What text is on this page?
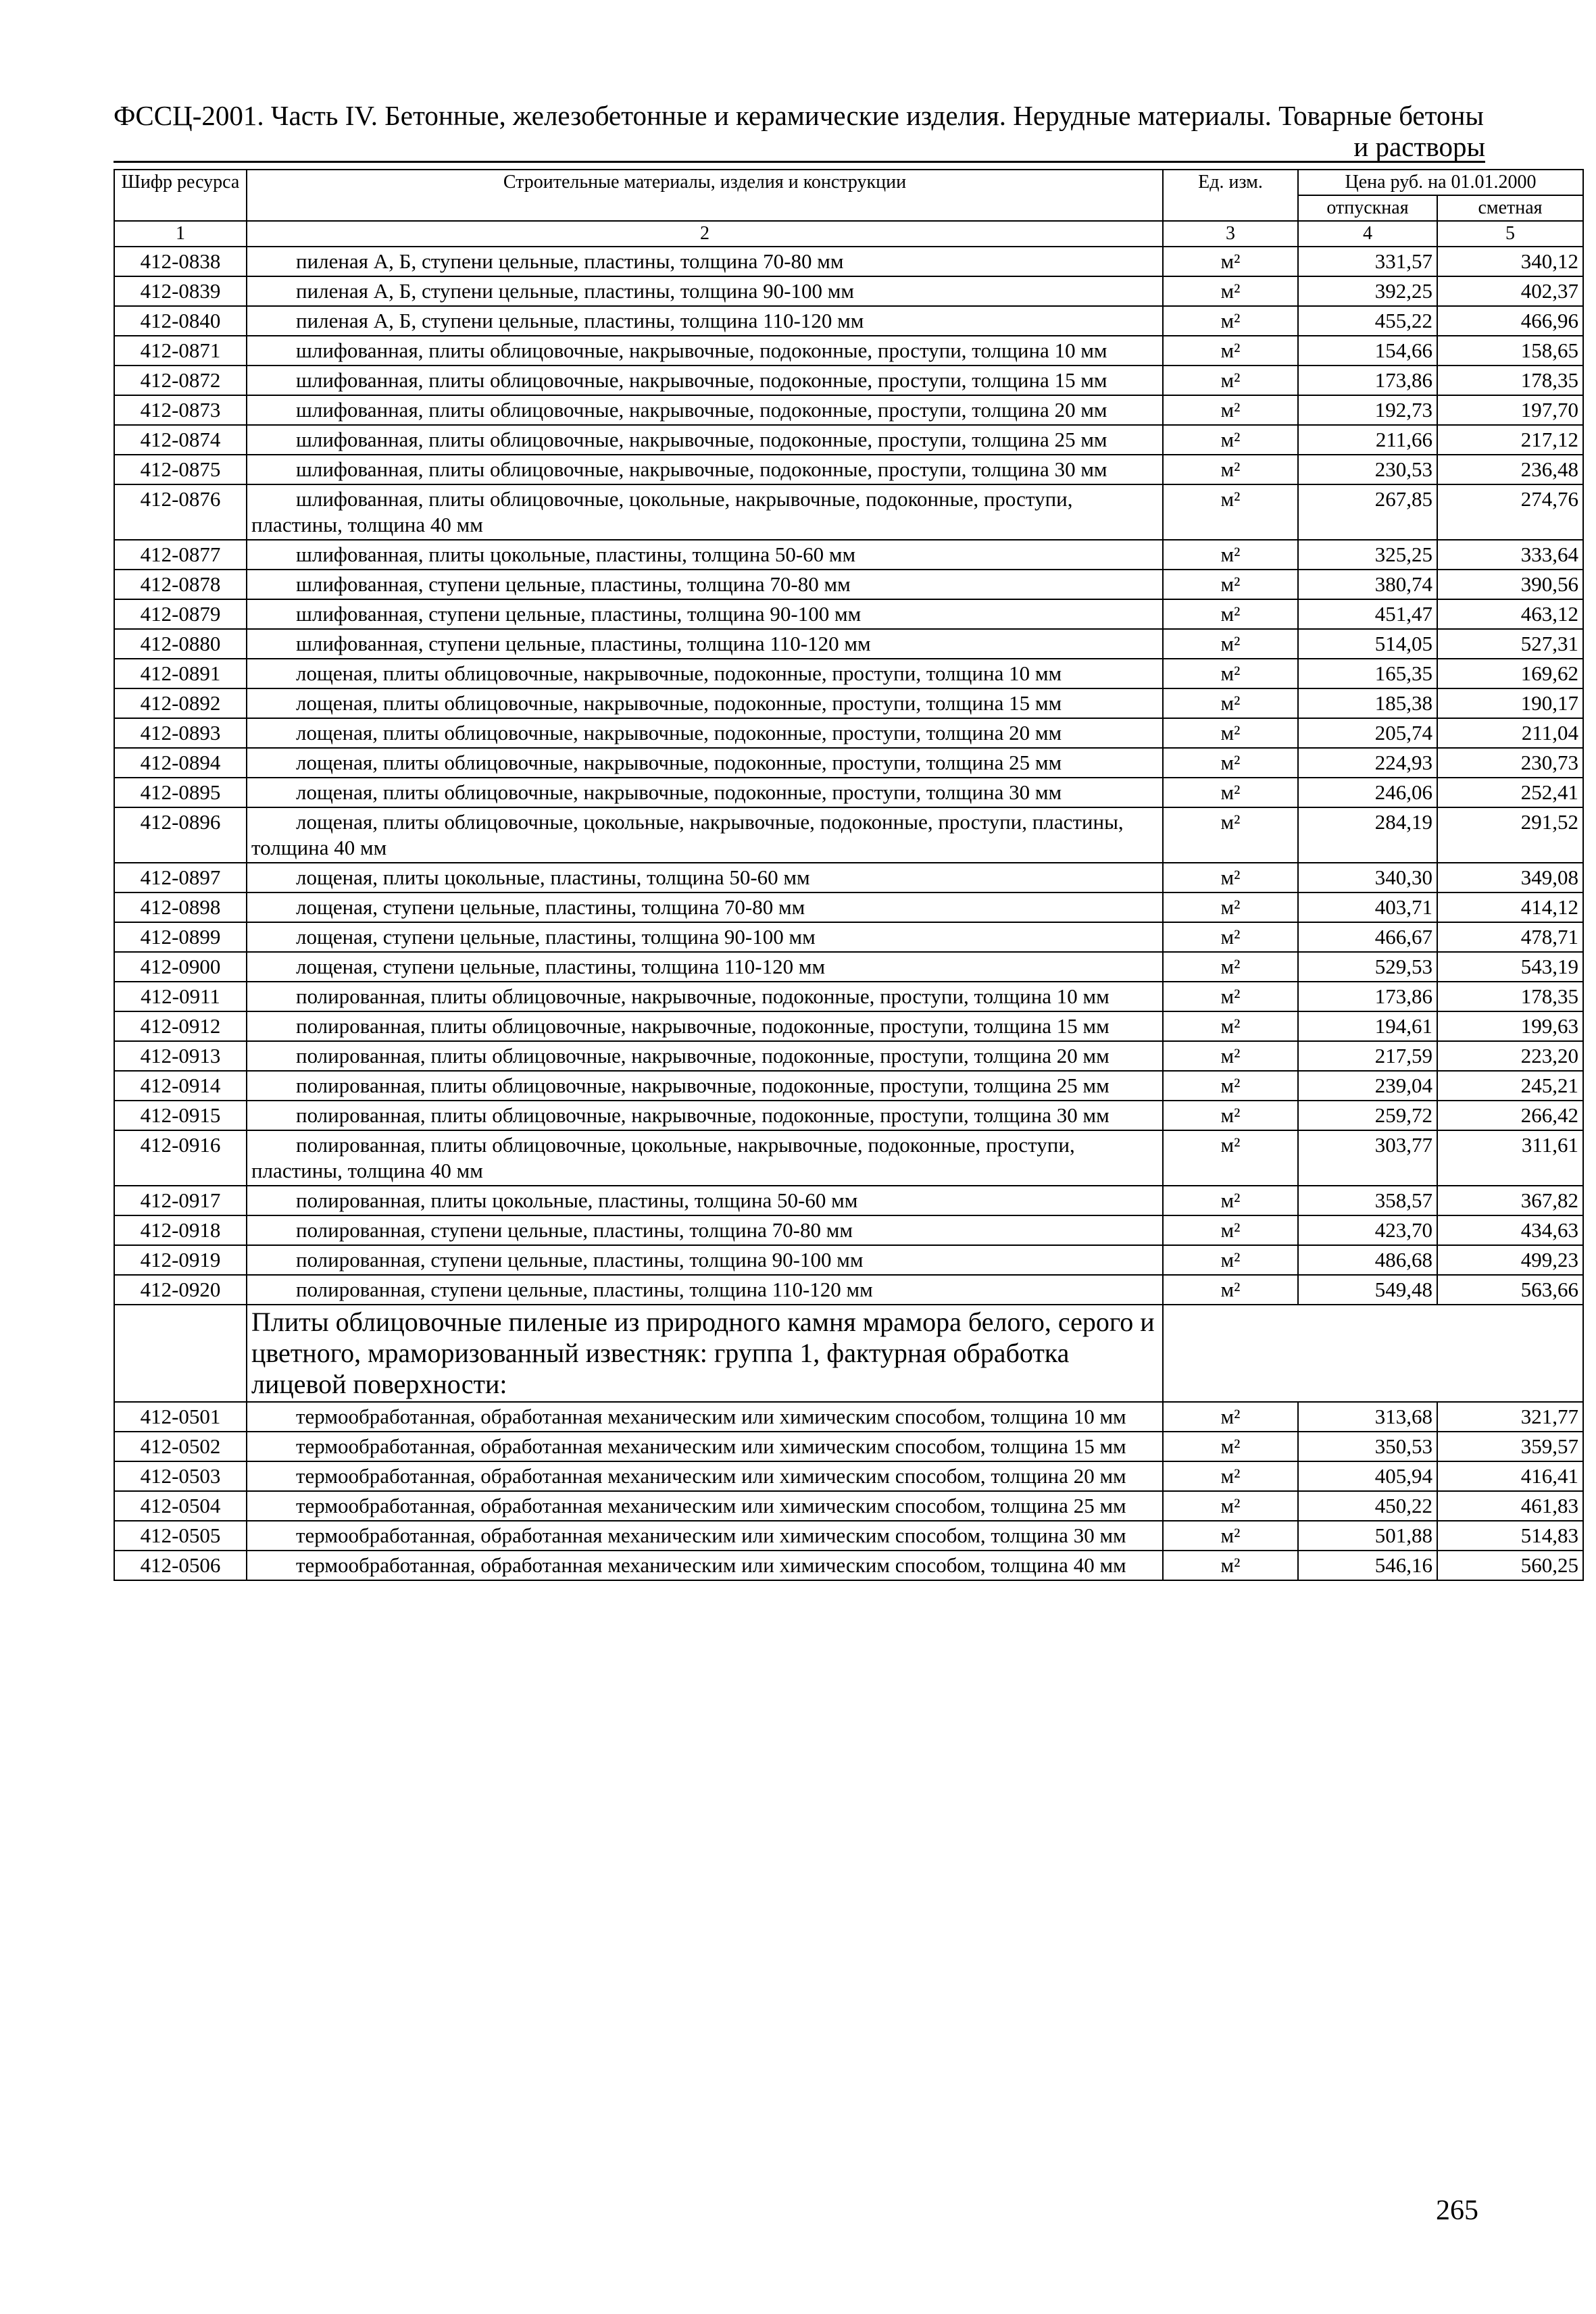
ФССЦ-2001. Часть IV. Бетонные, железобетонные и керамические изделия. Нерудные материалы. Товарные бетоны
и растворы
Шифр ресурса	Строительные материалы, изделия и конструкции	Ед. изм.	Цена руб. на 01.01.2000	
			отпускная	сметная
1	2	3	4	5
412-0838	пиленая А, Б, ступени цельные, пластины, толщина 70-80 мм	м²	331,57	340,12
412-0839	пиленая А, Б, ступени цельные, пластины, толщина 90-100 мм	м²	392,25	402,37
412-0840	пиленая А, Б, ступени цельные, пластины, толщина 110-120 мм	м²	455,22	466,96
412-0871	шлифованная, плиты облицовочные, накрывочные, подоконные, проступи, толщина 10 мм	м²	154,66	158,65
412-0872	шлифованная, плиты облицовочные, накрывочные, подоконные, проступи, толщина 15 мм	м²	173,86	178,35
412-0873	шлифованная, плиты облицовочные, накрывочные, подоконные, проступи, толщина 20 мм	м²	192,73	197,70
412-0874	шлифованная, плиты облицовочные, накрывочные, подоконные, проступи, толщина 25 мм	м²	211,66	217,12
412-0875	шлифованная, плиты облицовочные, накрывочные, подоконные, проступи, толщина 30 мм	м²	230,53	236,48
412-0876	шлифованная, плиты облицовочные, цокольные, накрывочные, подоконные, проступи, пластины, толщина 40 мм	м²	267,85	274,76
412-0877	шлифованная, плиты цокольные, пластины, толщина 50-60 мм	м²	325,25	333,64
412-0878	шлифованная, ступени цельные, пластины, толщина 70-80 мм	м²	380,74	390,56
412-0879	шлифованная, ступени цельные, пластины, толщина 90-100 мм	м²	451,47	463,12
412-0880	шлифованная, ступени цельные, пластины, толщина 110-120 мм	м²	514,05	527,31
412-0891	лощеная, плиты облицовочные, накрывочные, подоконные, проступи, толщина 10 мм	м²	165,35	169,62
412-0892	лощеная, плиты облицовочные, накрывочные, подоконные, проступи, толщина 15 мм	м²	185,38	190,17
412-0893	лощеная, плиты облицовочные, накрывочные, подоконные, проступи, толщина 20 мм	м²	205,74	211,04
412-0894	лощеная, плиты облицовочные, накрывочные, подоконные, проступи, толщина 25 мм	м²	224,93	230,73
412-0895	лощеная, плиты облицовочные, накрывочные, подоконные, проступи, толщина 30 мм	м²	246,06	252,41
412-0896	лощеная, плиты облицовочные, цокольные, накрывочные, подоконные, проступи, пластины, толщина 40 мм	м²	284,19	291,52
412-0897	лощеная, плиты цокольные, пластины, толщина 50-60 мм	м²	340,30	349,08
412-0898	лощеная, ступени цельные, пластины, толщина 70-80 мм	м²	403,71	414,12
412-0899	лощеная, ступени цельные, пластины, толщина 90-100 мм	м²	466,67	478,71
412-0900	лощеная, ступени цельные, пластины, толщина 110-120 мм	м²	529,53	543,19
412-0911	полированная, плиты облицовочные, накрывочные, подоконные, проступи, толщина 10 мм	м²	173,86	178,35
412-0912	полированная, плиты облицовочные, накрывочные, подоконные, проступи, толщина 15 мм	м²	194,61	199,63
412-0913	полированная, плиты облицовочные, накрывочные, подоконные, проступи, толщина 20 мм	м²	217,59	223,20
412-0914	полированная, плиты облицовочные, накрывочные, подоконные, проступи, толщина 25 мм	м²	239,04	245,21
412-0915	полированная, плиты облицовочные, накрывочные, подоконные, проступи, толщина 30 мм	м²	259,72	266,42
412-0916	полированная, плиты облицовочные, цокольные, накрывочные, подоконные, проступи, пластины, толщина 40 мм	м²	303,77	311,61
412-0917	полированная, плиты цокольные, пластины, толщина 50-60 мм	м²	358,57	367,82
412-0918	полированная, ступени цельные, пластины, толщина 70-80 мм	м²	423,70	434,63
412-0919	полированная, ступени цельные, пластины, толщина 90-100 мм	м²	486,68	499,23
412-0920	полированная, ступени цельные, пластины, толщина 110-120 мм	м²	549,48	563,66

	Плиты облицовочные пиленые из природного камня мрамора белого, серого и цветного, мраморизованный известняк: группа 1, фактурная обработка лицевой поверхности:			

412-0501	термообработанная, обработанная механическим или химическим способом, толщина 10 мм	м²	313,68	321,77
412-0502	термообработанная, обработанная механическим или химическим способом, толщина 15 мм	м²	350,53	359,57
412-0503	термообработанная, обработанная механическим или химическим способом, толщина 20 мм	м²	405,94	416,41
412-0504	термообработанная, обработанная механическим или химическим способом, толщина 25 мм	м²	450,22	461,83
412-0505	термообработанная, обработанная механическим или химическим способом, толщина 30 мм	м²	501,88	514,83
412-0506	термообработанная, обработанная механическим или химическим способом, толщина 40 мм	м²	546,16	560,25
265
